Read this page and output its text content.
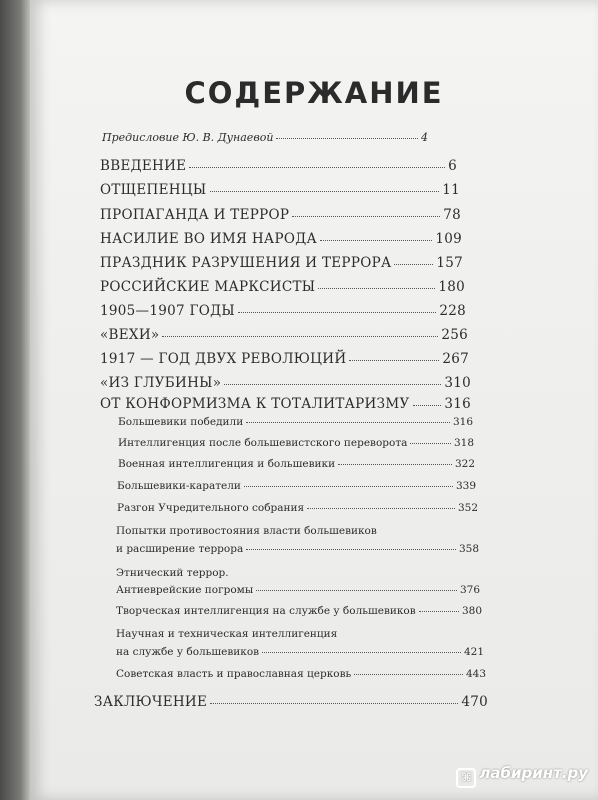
СОДЕРЖАНИЕ
Предисловие Ю. В. Дунаевой	4
ВВЕДЕНИЕ	6
ОТЩЕПЕНЦЫ	11
ПРОПАГАНДА И ТЕРРОР	78
НАСИЛИЕ ВО ИМЯ НАРОДА	109
ПРАЗДНИК РАЗРУШЕНИЯ И ТЕРРОРА	157
РОССИЙСКИЕ МАРКСИСТЫ	180
1905—1907 ГОДЫ	228
«ВЕХИ»	256
1917 — ГОД ДВУХ РЕВОЛЮЦИЙ	267
«ИЗ ГЛУБИНЫ»	310
ОТ КОНФОРМИЗМА К ТОТАЛИТАРИЗМУ	316
Большевики победили	316
Интеллигенция после большевистского переворота	318
Военная интеллигенция и большевики	322
Большевики-каратели	339
Разгон Учредительного собрания	352
Попытки противостояния власти большевиков
и расширение террора	358
Этнический террор.
Антиеврейские погромы	376
Творческая интеллигенция на службе у большевиков	380
Научная и техническая интеллигенция
на службе у большевиков	421
Советская власть и православная церковь	443
ЗАКЛЮЧЕНИЕ	470
⌘ лабиринт.ру
